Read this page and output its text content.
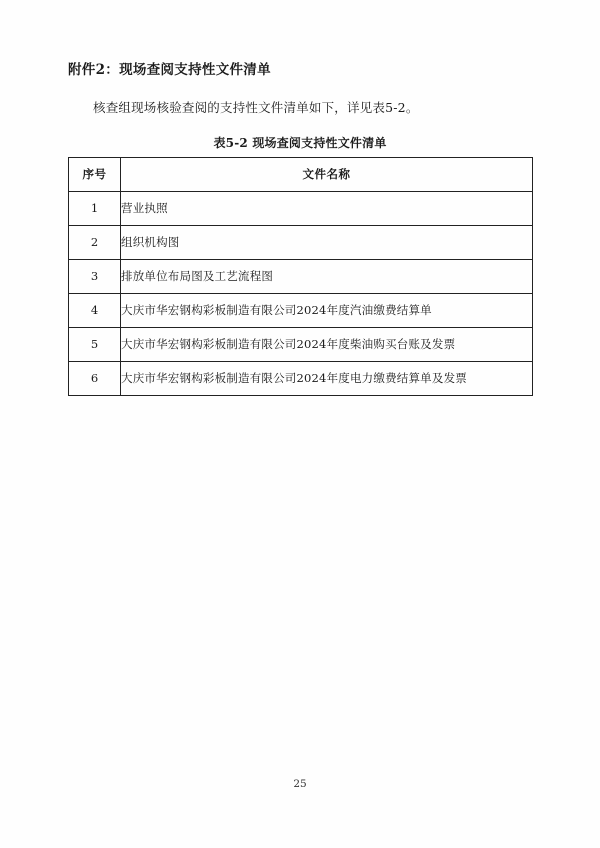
附件2：现场查阅支持性文件清单

核查组现场核验查阅的支持性文件清单如下，详见表5-2。

表5-2 现场查阅支持性文件清单
序号	文件名称
1	营业执照
2	组织机构图
3	排放单位布局图及工艺流程图
4	大庆市华宏钢构彩板制造有限公司2024年度汽油缴费结算单
5	大庆市华宏钢构彩板制造有限公司2024年度柴油购买台账及发票
6	大庆市华宏钢构彩板制造有限公司2024年度电力缴费结算单及发票
25
